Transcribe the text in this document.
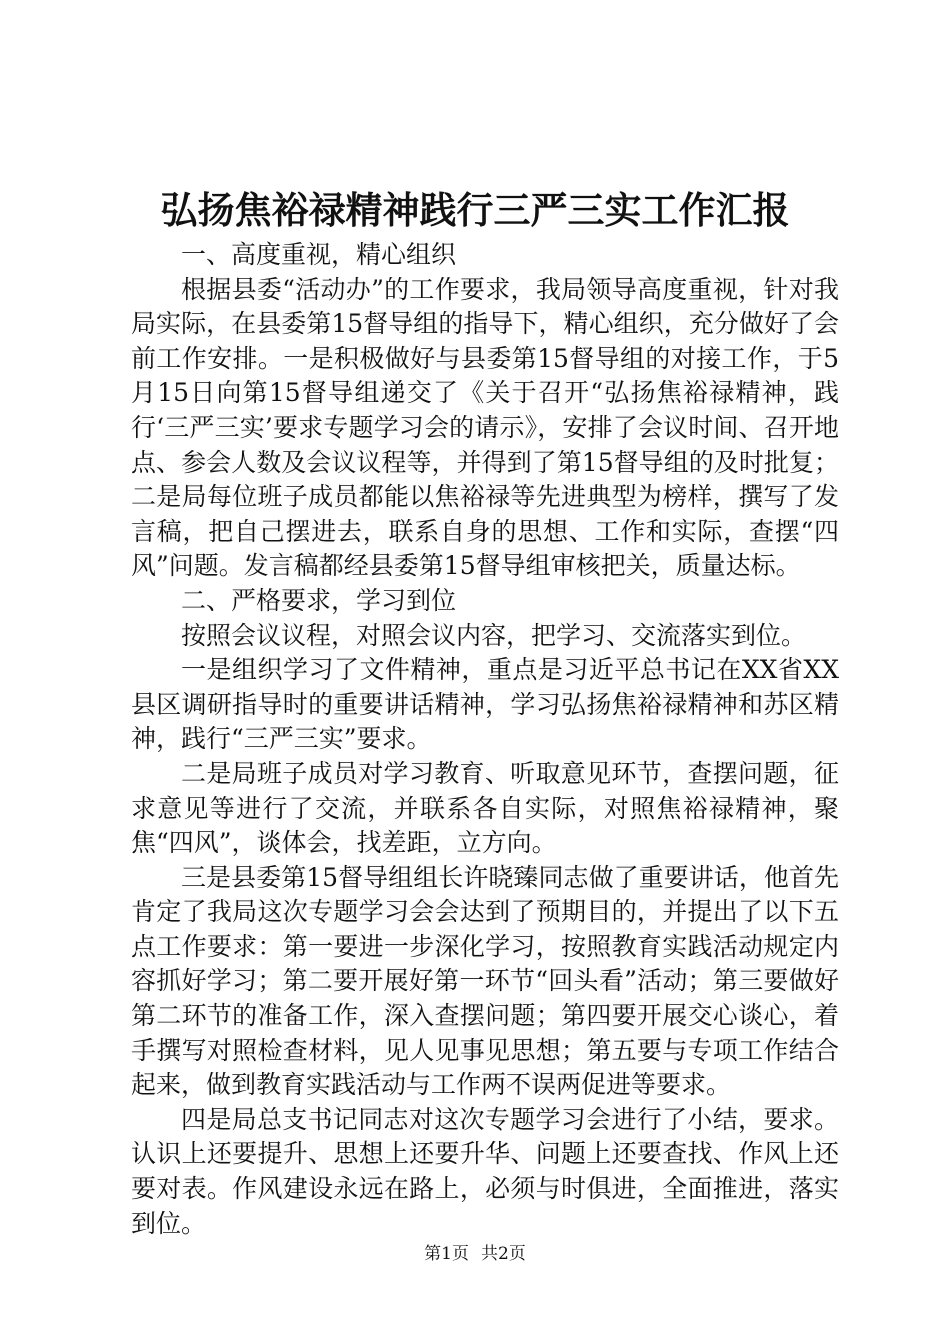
弘扬焦裕禄精神践行三严三实工作汇报

一、高度重视，精心组织

根据县委“活动办”的工作要求，我局领导高度重视，针对我局实际，在县委第15督导组的指导下，精心组织，充分做好了会前工作安排。一是积极做好与县委第15督导组的对接工作，于5月15日向第15督导组递交了《关于召开“弘扬焦裕禄精神，践行‘三严三实’要求专题学习会的请示》，安排了会议时间、召开地点、参会人数及会议议程等，并得到了第15督导组的及时批复；二是局每位班子成员都能以焦裕禄等先进典型为榜样，撰写了发言稿，把自己摆进去，联系自身的思想、工作和实际，查摆“四风”问题。发言稿都经县委第15督导组审核把关，质量达标。

二、严格要求，学习到位

按照会议议程，对照会议内容，把学习、交流落实到位。

一是组织学习了文件精神，重点是习近平总书记在XX省XX县区调研指导时的重要讲话精神，学习弘扬焦裕禄精神和苏区精神，践行“三严三实”要求。

二是局班子成员对学习教育、听取意见环节，查摆问题，征求意见等进行了交流，并联系各自实际，对照焦裕禄精神，聚焦“四风”，谈体会，找差距，立方向。

三是县委第15督导组组长许晓臻同志做了重要讲话，他首先肯定了我局这次专题学习会会达到了预期目的，并提出了以下五点工作要求：第一要进一步深化学习，按照教育实践活动规定内容抓好学习；第二要开展好第一环节“回头看”活动；第三要做好第二环节的准备工作，深入查摆问题；第四要开展交心谈心，着手撰写对照检查材料，见人见事见思想；第五要与专项工作结合起来，做到教育实践活动与工作两不误两促进等要求。

四是局总支书记同志对这次专题学习会进行了小结，要求。认识上还要提升、思想上还要升华、问题上还要查找、作风上还要对表。作风建设永远在路上，必须与时俱进，全面推进，落实到位。

第1页 共2页
